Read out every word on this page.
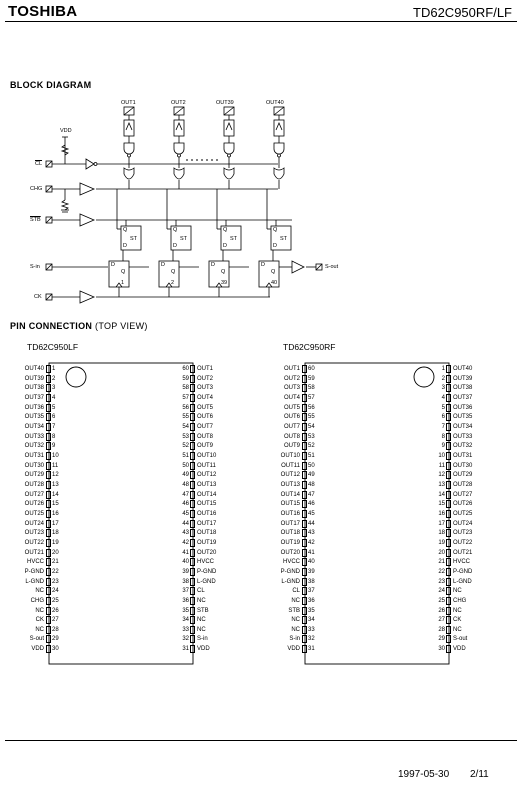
TOSHIBA	TD62C950RF/LF
BLOCK DIAGRAM
OUT1	OUT2	OUT39	OUT40
VDD
$\overline{CL}$
CHG
$\overline{STB}$
S-in
CK
S-out
Q
ST
D
D
Q
1
Q
ST
D
D
Q
2
Q
ST
D
D
Q
39
Q
ST
D
D
Q
40
PIN CONNECTION (TOP VIEW)
TD62C950LF	TD62C950RF
OUT40 1
OUT39 2
OUT38 3
OUT37 4
OUT36 5
OUT35 6
OUT34 7
OUT33 8
OUT32 9
OUT31 10
OUT30 11
OUT29 12
OUT28 13
OUT27 14
OUT26 15
OUT25 16
OUT24 17
OUT23 18
OUT22 19
OUT21 20
HVCC 21
P-GND 22
L-GND 23
NC 24
CHG 25
NC 26
CK 27
NC 28
S-out 29
VDD 30
60 OUT1
59 OUT2
58 OUT3
57 OUT4
56 OUT5
55 OUT6
54 OUT7
53 OUT8
52 OUT9
51 OUT10
50 OUT11
49 OUT12
48 OUT13
47 OUT14
46 OUT15
45 OUT16
44 OUT17
43 OUT18
42 OUT19
41 OUT20
40 HVCC
39 P-GND
38 L-GND
37 CL
36 NC
35 STB
34 NC
33 NC
32 S-in
31 VDD
OUT1 60
OUT2 59
OUT3 58
OUT4 57
OUT5 56
OUT6 55
OUT7 54
OUT8 53
OUT9 52
OUT10 51
OUT11 50
OUT12 49
OUT13 48
OUT14 47
OUT15 46
OUT16 45
OUT17 44
OUT18 43
OUT19 42
OUT20 41
HVCC 40
P-GND 39
L-GND 38
CL 37
NC 36
STB 35
NC 34
NC 33
S-in 32
VDD 31
1 OUT40
2 OUT39
3 OUT38
4 OUT37
5 OUT36
6 OUT35
7 OUT34
8 OUT33
9 OUT32
10 OUT31
11 OUT30
12 OUT29
13 OUT28
14 OUT27
15 OUT26
16 OUT25
17 OUT24
18 OUT23
19 OUT22
20 OUT21
21 HVCC
22 P-GND
23 L-GND
24 NC
25 CHG
26 NC
27 CK
28 NC
29 S-out
30 VDD
1997-05-30 2/11
